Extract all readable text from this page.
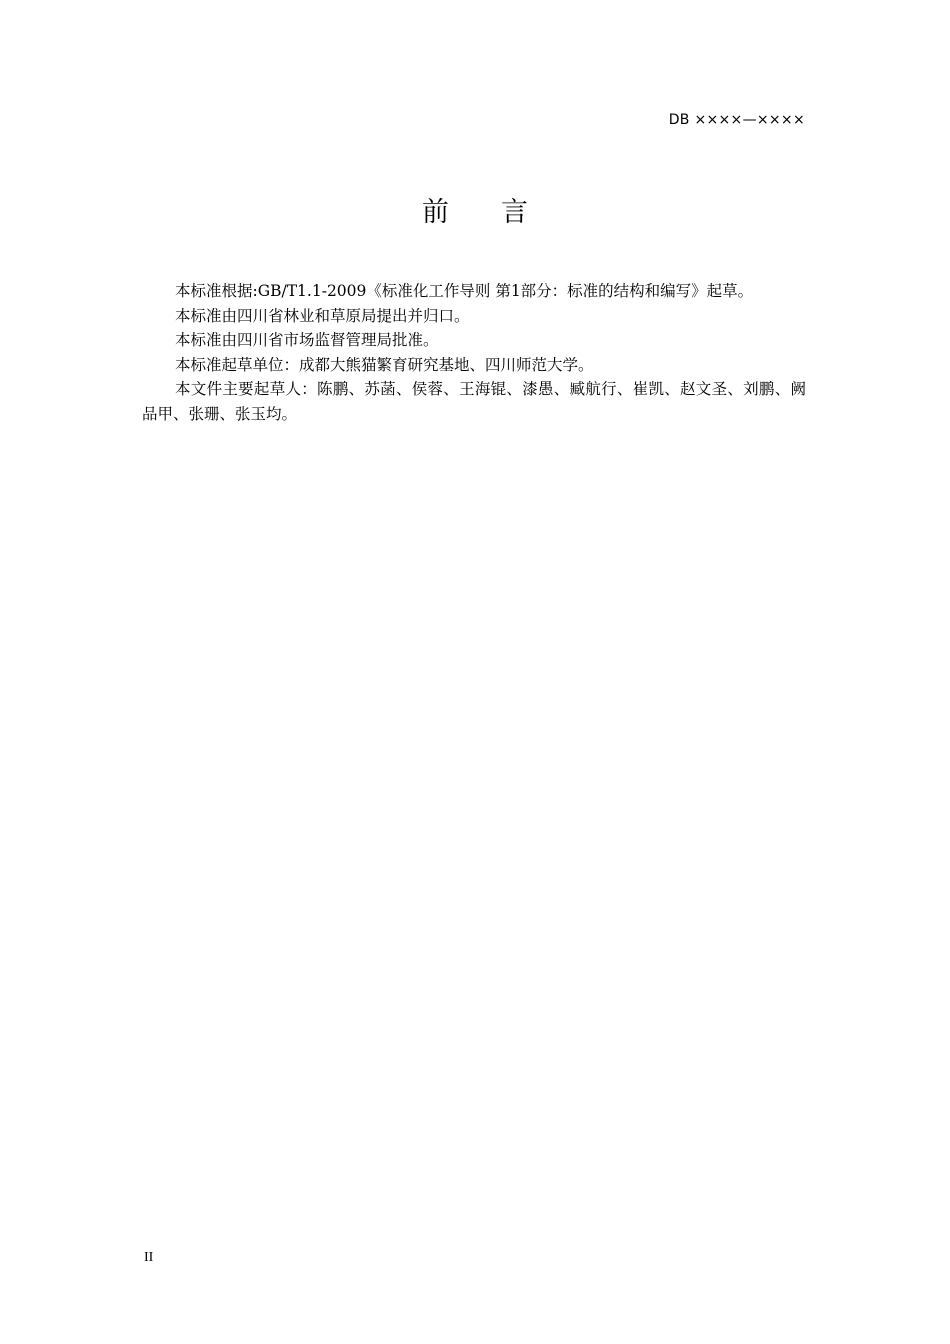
DB ××××—××××
前言

本标准根据:GB/T1.1-2009《标准化工作导则 第1部分：标准的结构和编写》起草。

本标准由四川省林业和草原局提出并归口。

本标准由四川省市场监督管理局批准。

本标准起草单位：成都大熊猫繁育研究基地、四川师范大学。

本文件主要起草人：陈鹏、苏菡、侯蓉、王海锟、漆愚、臧航行、崔凯、赵文圣、刘鹏、阙品甲、张珊、张玉均。

II
